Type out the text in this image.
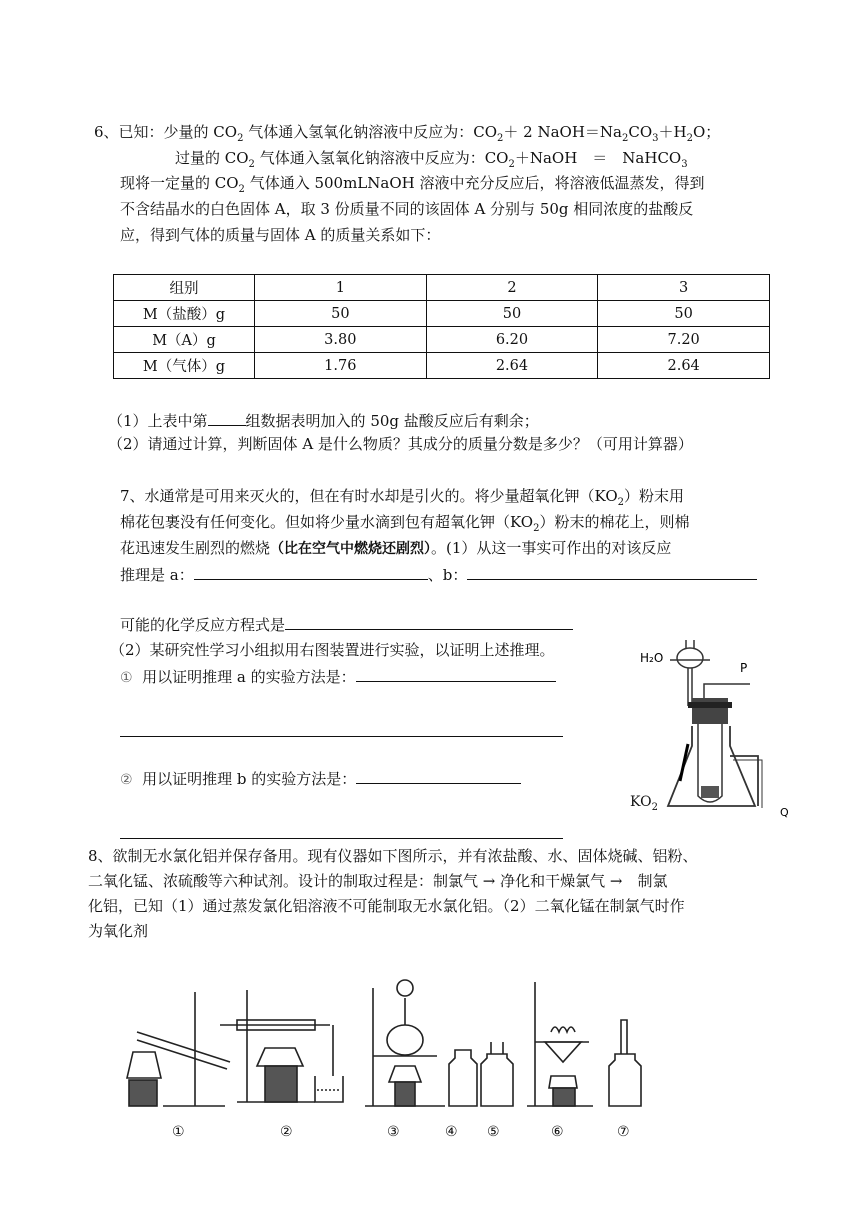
6、已知：少量的 $CO_2$ 气体通入氢氧化钠溶液中反应为：$CO_2+ 2$ $NaOH=Na_2CO_3+H_2O$；
过量的 $CO_2$ 气体通入氢氧化钠溶液中反应为：$CO_2+NaOH$　＝　NaHCO$_3$
现将一定量的 $CO_2$ 气体通入 500mLNaOH 溶液中充分反应后，将溶液低温蒸发，得到
不含结晶水的白色固体 A，取 3 份质量不同的该固体 A 分别与 50g 相同浓度的盐酸反
应，得到气体的质量与固体 A 的质量关系如下：
组别	1	2	3
M（盐酸）g	50	50	50
M（A）g	3.80	6.20	7.20
M（气体）g	1.76	2.64	2.64
（1）上表中第	组数据表明加入的 50g 盐酸反应后有剩余；
（2）请通过计算，判断固体 A 是什么物质？其成分的质量分数是多少？（可用计算器）
7、水通常是可用来灭火的，但在有时水却是引火的。将少量超氧化钾$(KO_2)$粉末用
棉花包裹没有任何变化。但如将少量水滴到包有超氧化钾$(KO_2)$粉末的棉花上，则棉
花迅速发生剧烈的燃烧（比在空气中燃烧还剧烈）。(1）从这一事实可作出的对该反应
推理是 a：	、b：
可能的化学反应方程式是
（2）某研究性学习小组拟用右图装置进行实验，以证明上述推理。
① 用以证明推理 a 的实验方法是：
② 用以证明推理 b 的实验方法是：
H₂O
P
Q
$KO_2$
8、欲制无水氯化铝并保存备用。现有仪器如下图所示，并有浓盐酸、水、固体烧碱、铝粉、
二氧化锰、浓硫酸等六种试剂。设计的制取过程是：制氯气 → 净化和干燥氯气 →　制氯
化铝，已知（1）通过蒸发氯化铝溶液不可能制取无水氯化铝。（2）二氧化锰在制氯气时作
为氧化剂
①	②	③	④ ⑤	⑥	⑦
